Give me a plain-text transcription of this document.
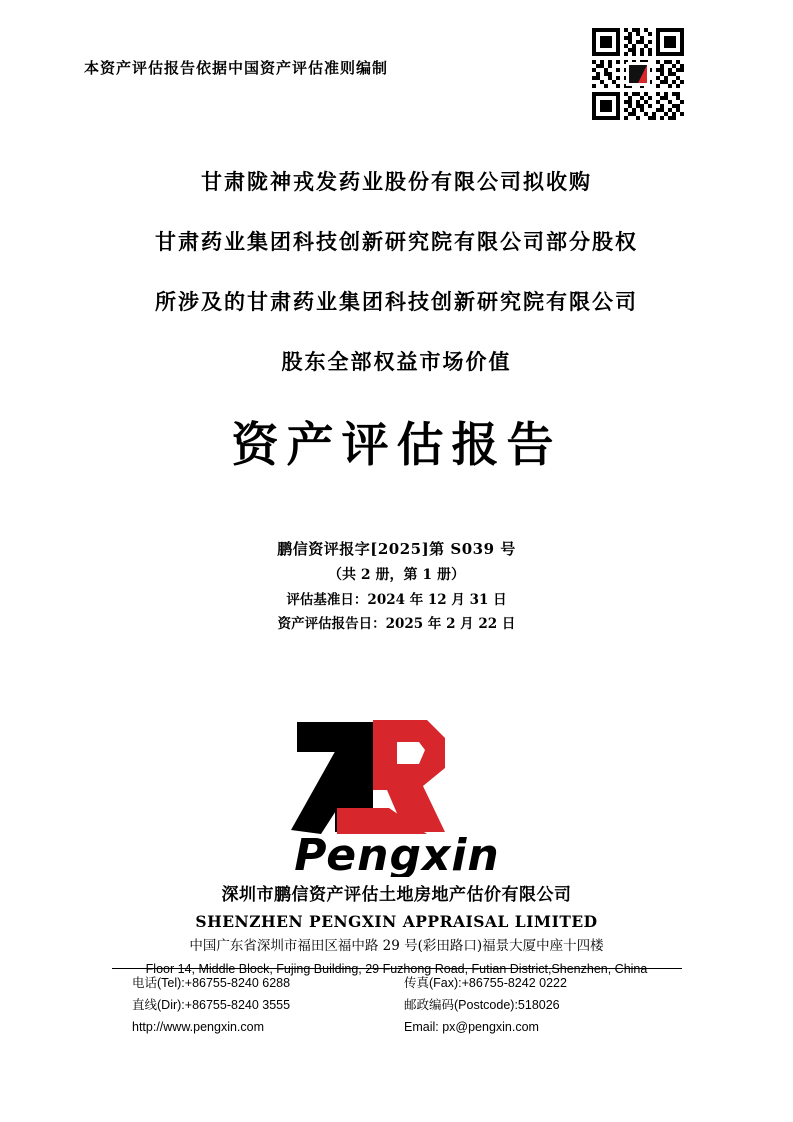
本资产评估报告依据中国资产评估准则编制
甘肃陇神戎发药业股份有限公司拟收购
甘肃药业集团科技创新研究院有限公司部分股权
所涉及的甘肃药业集团科技创新研究院有限公司
股东全部权益市场价值
资产评估报告
鹏信资评报字[2025]第 S039 号
（共 2 册，第 1 册）
评估基准日：2024 年 12 月 31 日
资产评估报告日：2025 年 2 月 22 日
Pengxin
深圳市鹏信资产评估土地房地产估价有限公司
SHENZHEN PENGXIN APPRAISAL LIMITED
中国广东省深圳市福田区福中路 29 号(彩田路口)福景大厦中座十四楼
Floor 14, Middle Block, Fujing Building, 29 Fuzhong Road, Futian District,Shenzhen, China
电话(Tel):+86755-8240 6288	传真(Fax):+86755-8242 0222
直线(Dir):+86755-8240 3555	邮政编码(Postcode):518026
http://www.pengxin.com	Email: px@pengxin.com
